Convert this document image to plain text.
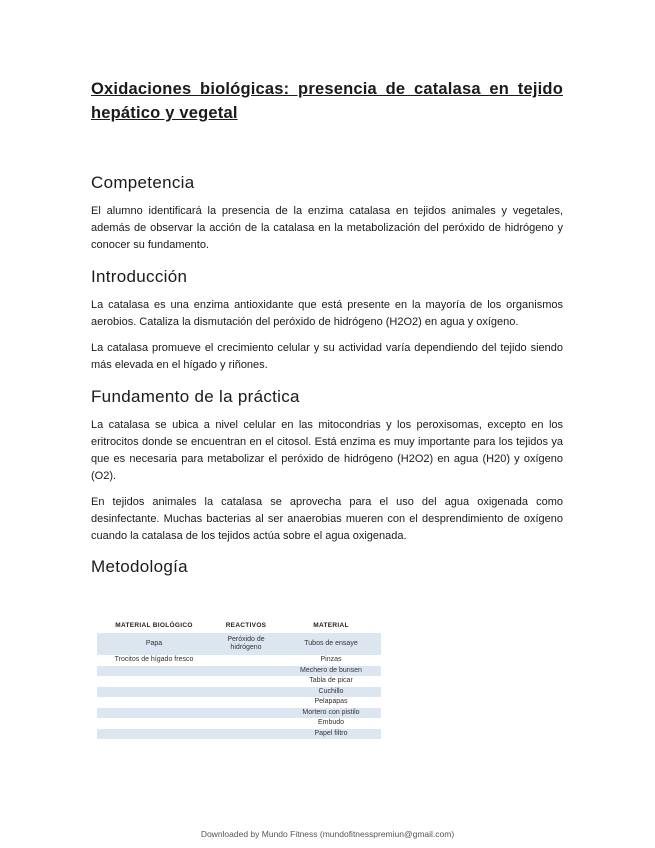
Oxidaciones biológicas: presencia de catalasa en tejido hepático y vegetal
Competencia

El alumno identificará la presencia de la enzima catalasa en tejidos animales y vegetales, además de observar la acción de la catalasa en la metabolización del peróxido de hidrógeno y conocer su fundamento.

Introducción

La catalasa es una enzima antioxidante que está presente en la mayoría de los organismos aerobios. Cataliza la dismutación del peróxido de hidrógeno (H2O2) en agua y oxígeno.

La catalasa promueve el crecimiento celular y su actividad varía dependiendo del tejido siendo más elevada en el hígado y riñones.

Fundamento de la práctica

La catalasa se ubica a nivel celular en las mitocondrias y los peroxisomas, excepto en los eritrocitos donde se encuentran en el citosol. Está enzima es muy importante para los tejidos ya que es necesaria para metabolizar el peróxido de hidrógeno (H2O2) en agua (H20) y oxígeno (O2).

En tejidos animales la catalasa se aprovecha para el uso del agua oxigenada como desinfectante. Muchas bacterias al ser anaerobias mueren con el desprendimiento de oxígeno cuando la catalasa de los tejidos actúa sobre el agua oxigenada.

Metodología
MATERIAL BIOLÓGICO	REACTIVOS	MATERIAL
Papa	Peróxido de hidrógeno	Tubos de ensaye
Trocitos de hígado fresco		Pinzas
		Mechero de bunsen
		Tabla de picar
		Cuchillo
		Pelapapas
		Mortero con pistilo
		Embudo
		Papel filtro
Downloaded by Mundo Fitness (mundofitnesspremiun@gmail.com)
